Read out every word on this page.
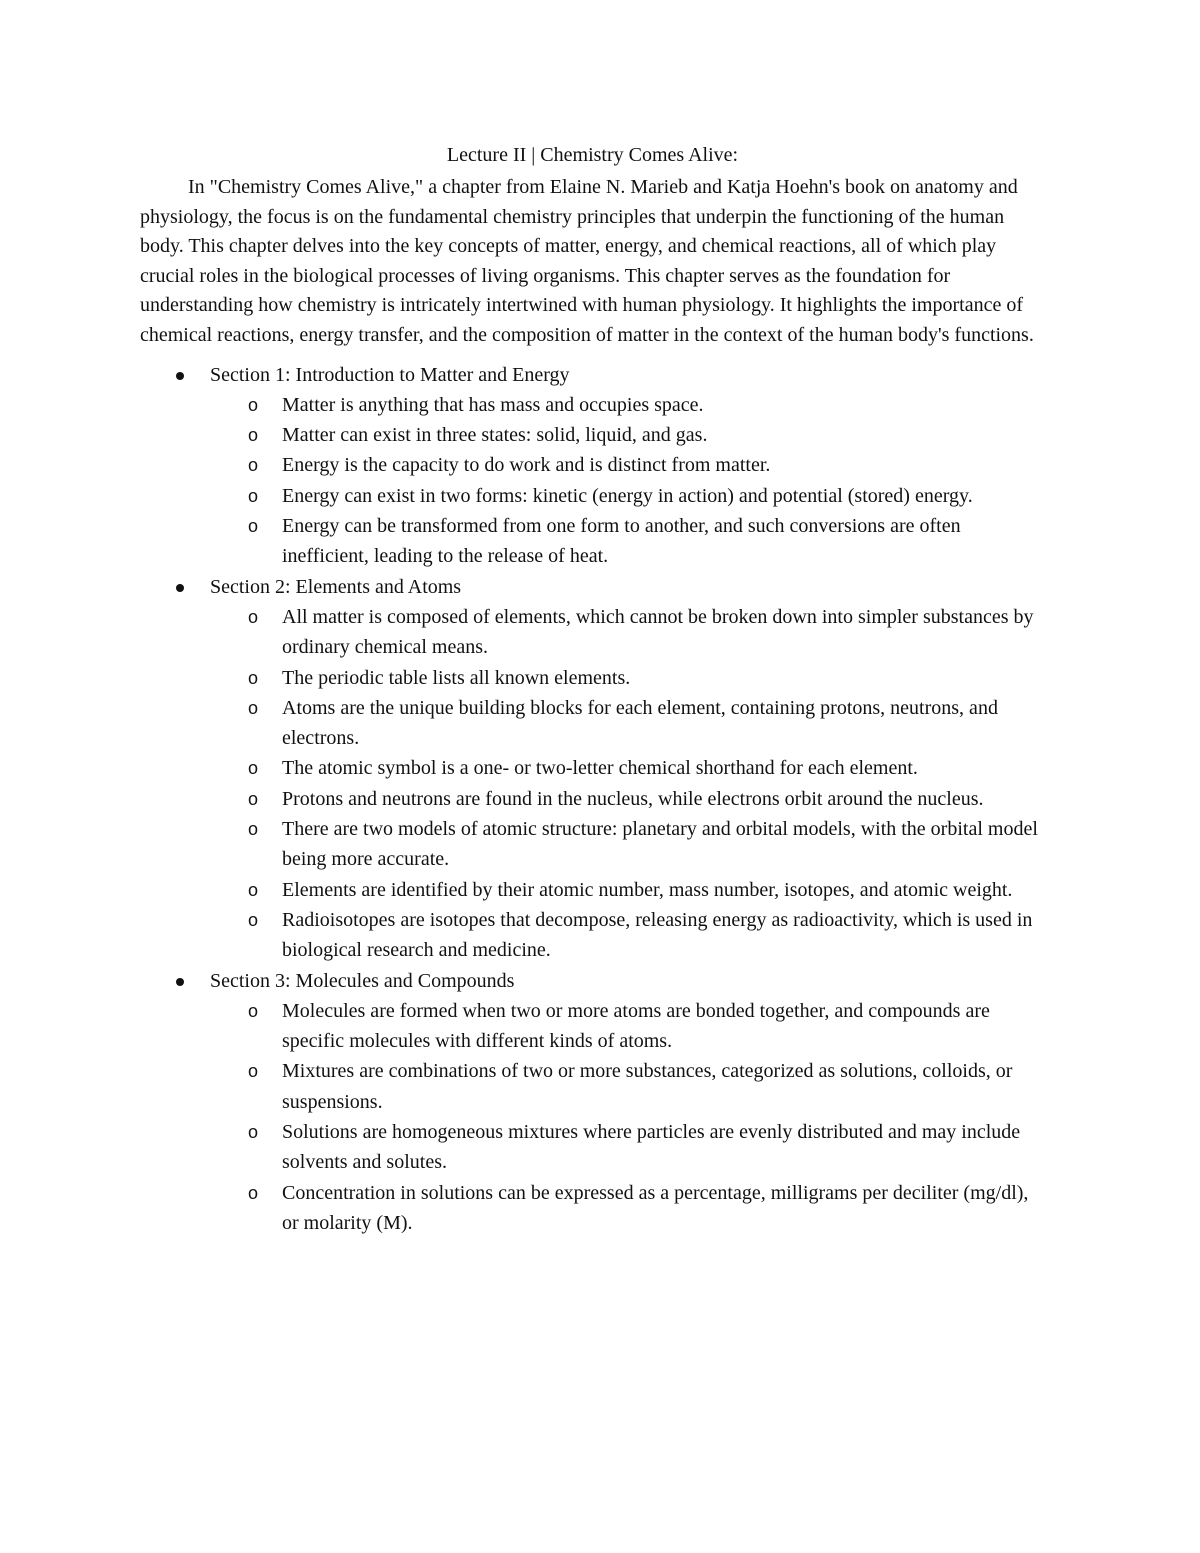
Lecture II | Chemistry Comes Alive:

In "Chemistry Comes Alive," a chapter from Elaine N. Marieb and Katja Hoehn's book on anatomy and physiology, the focus is on the fundamental chemistry principles that underpin the functioning of the human body. This chapter delves into the key concepts of matter, energy, and chemical reactions, all of which play crucial roles in the biological processes of living organisms. This chapter serves as the foundation for understanding how chemistry is intricately intertwined with human physiology. It highlights the importance of chemical reactions, energy transfer, and the composition of matter in the context of the human body's functions.

Section 1: Introduction to Matter and Energy
o Matter is anything that has mass and occupies space.
o Matter can exist in three states: solid, liquid, and gas.
o Energy is the capacity to do work and is distinct from matter.
o Energy can exist in two forms: kinetic (energy in action) and potential (stored) energy.
o Energy can be transformed from one form to another, and such conversions are often inefficient, leading to the release of heat.
Section 2: Elements and Atoms
o All matter is composed of elements, which cannot be broken down into simpler substances by ordinary chemical means.
o The periodic table lists all known elements.
o Atoms are the unique building blocks for each element, containing protons, neutrons, and electrons.
o The atomic symbol is a one- or two-letter chemical shorthand for each element.
o Protons and neutrons are found in the nucleus, while electrons orbit around the nucleus.
o There are two models of atomic structure: planetary and orbital models, with the orbital model being more accurate.
o Elements are identified by their atomic number, mass number, isotopes, and atomic weight.
o Radioisotopes are isotopes that decompose, releasing energy as radioactivity, which is used in biological research and medicine.
Section 3: Molecules and Compounds
o Molecules are formed when two or more atoms are bonded together, and compounds are specific molecules with different kinds of atoms.
o Mixtures are combinations of two or more substances, categorized as solutions, colloids, or suspensions.
o Solutions are homogeneous mixtures where particles are evenly distributed and may include solvents and solutes.
o Concentration in solutions can be expressed as a percentage, milligrams per deciliter (mg/dl), or molarity (M).
